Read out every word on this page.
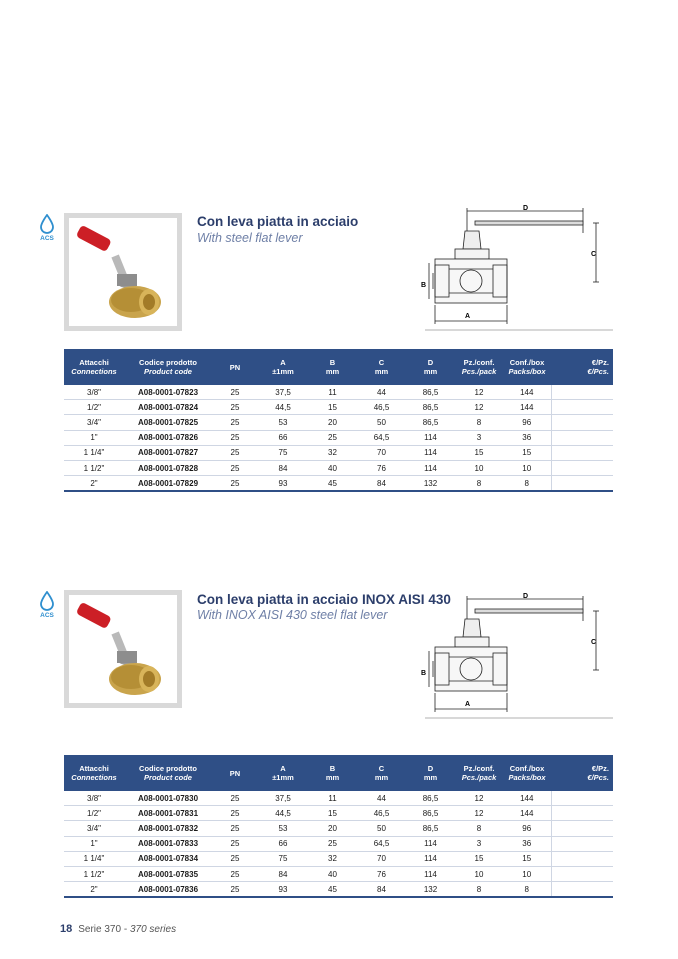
ACS
Con leva piatta in acciaio
With steel flat lever
D
C
B
A
Attacchi
Connections	Codice prodotto
Product code	PN	A
±1mm	B
mm	C
mm	D
mm	Pz./conf.
Pcs./pack	Conf./box
Packs/box	€/Pz.
€/Pcs.

3/8"	A08-0001-07823	25	37,5	11	44	86,5	12	144	
1/2"	A08-0001-07824	25	44,5	15	46,5	86,5	12	144	
3/4"	A08-0001-07825	25	53	20	50	86,5	8	96	
1"	A08-0001-07826	25	66	25	64,5	114	3	36	
1 1/4"	A08-0001-07827	25	75	32	70	114	15	15	
1 1/2"	A08-0001-07828	25	84	40	76	114	10	10	
2"	A08-0001-07829	25	93	45	84	132	8	8	
ACS
Con leva piatta in acciaio INOX AISI 430
With INOX AISI 430 steel flat lever
D
C
B
A
Attacchi
Connections	Codice prodotto
Product code	PN	A
±1mm	B
mm	C
mm	D
mm	Pz./conf.
Pcs./pack	Conf./box
Packs/box	€/Pz.
€/Pcs.

3/8"	A08-0001-07830	25	37,5	11	44	86,5	12	144	
1/2"	A08-0001-07831	25	44,5	15	46,5	86,5	12	144	
3/4"	A08-0001-07832	25	53	20	50	86,5	8	96	
1"	A08-0001-07833	25	66	25	64,5	114	3	36	
1 1/4"	A08-0001-07834	25	75	32	70	114	15	15	
1 1/2"	A08-0001-07835	25	84	40	76	114	10	10	
2"	A08-0001-07836	25	93	45	84	132	8	8	
18 Serie 370 - 370 series
